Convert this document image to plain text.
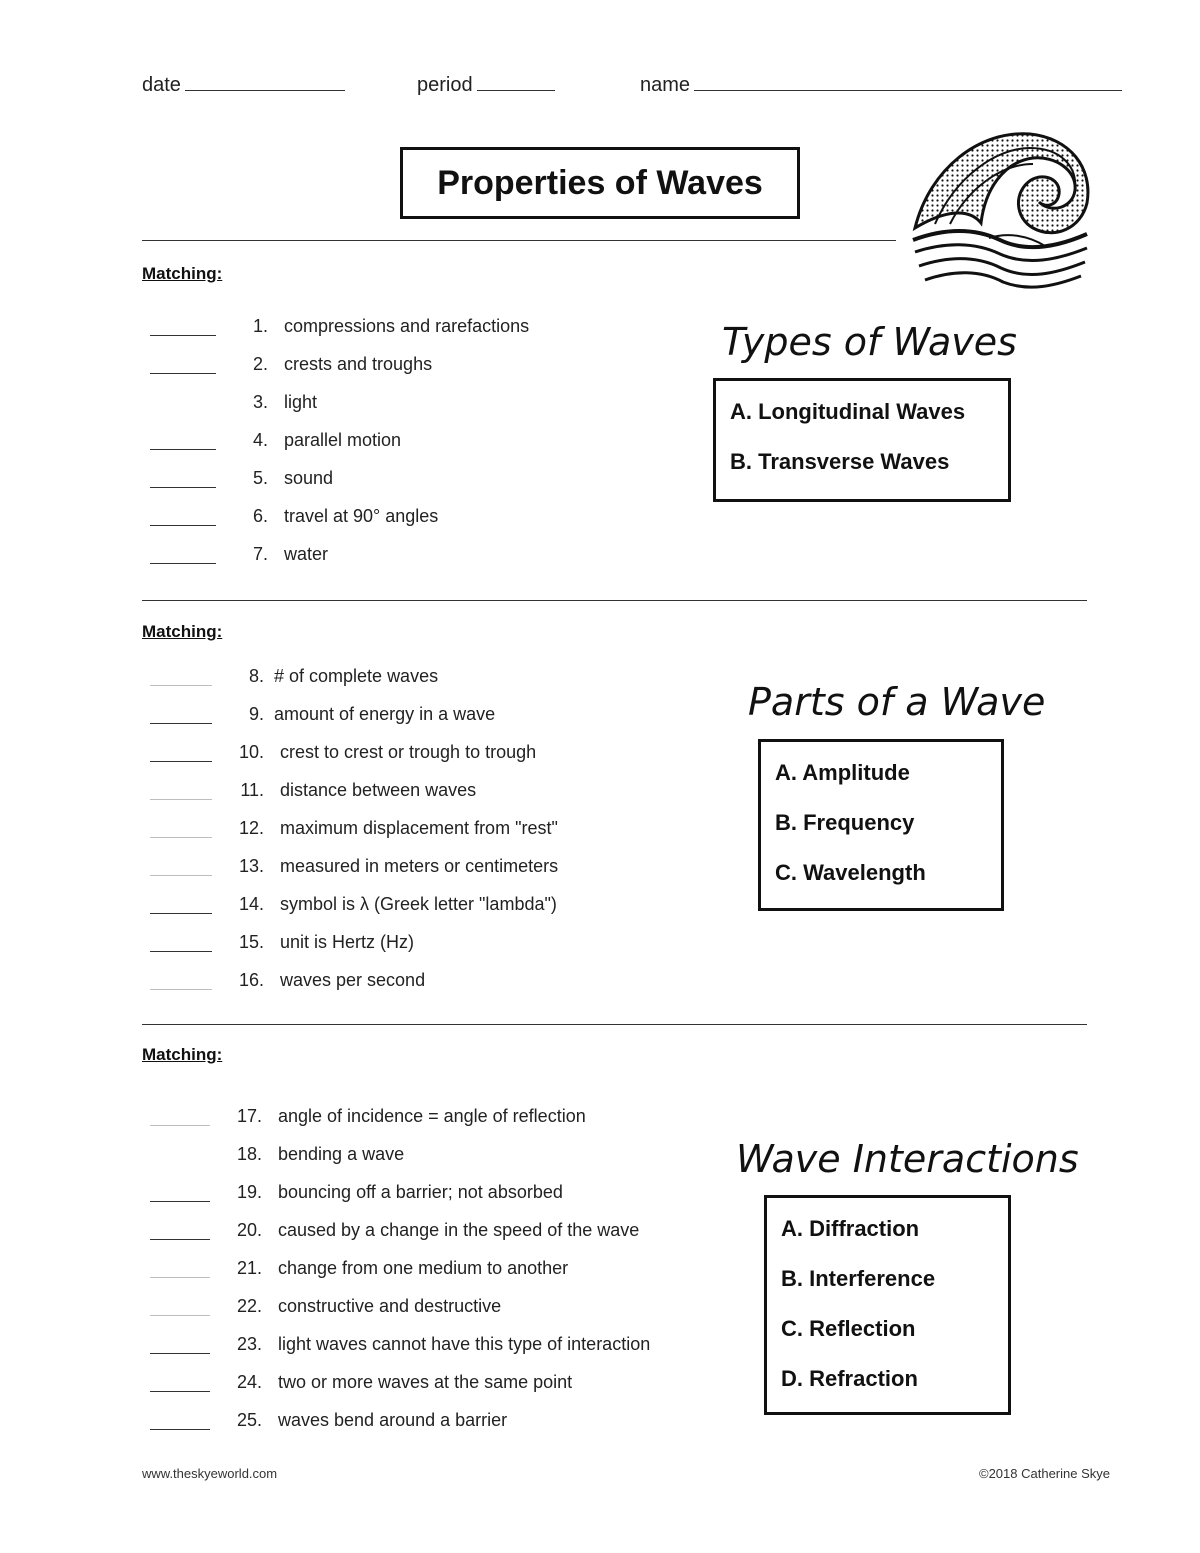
date	period	name
Properties of Waves
Matching:
1. compressions and rarefactions
2. crests and troughs
3. light
4. parallel motion
5. sound
6. travel at 90° angles
7. water
Types of Waves
A. Longitudinal Waves
B. Transverse Waves
Matching:
8. # of complete waves
9. amount of energy in a wave
10. crest to crest or trough to trough
11. distance between waves
12. maximum displacement from "rest"
13. measured in meters or centimeters
14. symbol is λ (Greek letter "lambda")
15. unit is Hertz (Hz)
16. waves per second
Parts of a Wave
A. Amplitude
B. Frequency
C. Wavelength
Matching:
17. angle of incidence = angle of reflection
18. bending a wave
19. bouncing off a barrier; not absorbed
20. caused by a change in the speed of the wave
21. change from one medium to another
22. constructive and destructive
23. light waves cannot have this type of interaction
24. two or more waves at the same point
25. waves bend around a barrier
Wave Interactions
A. Diffraction
B. Interference
C. Reflection
D. Refraction
www.theskyeworld.com	©2018 Catherine Skye
